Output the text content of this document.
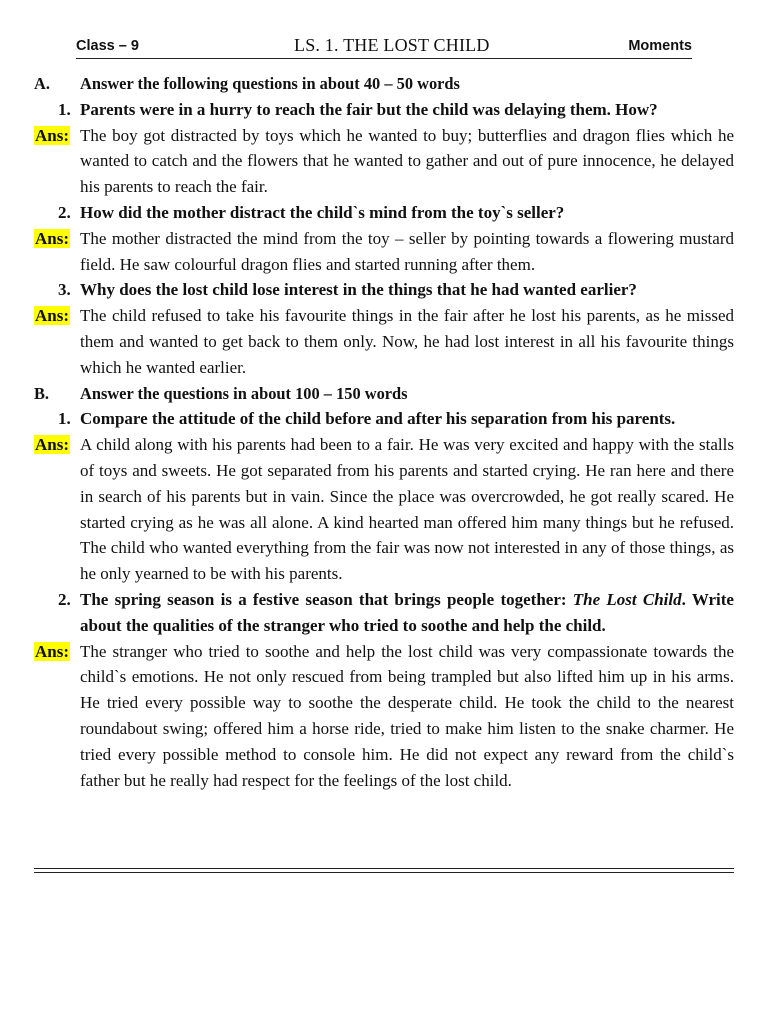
Class – 9	LS. 1. THE LOST CHILD	Moments
A.	Answer the following questions in about 40 – 50 words
1. Parents were in a hurry to reach the fair but the child was delaying them. How?
Ans: The boy got distracted by toys which he wanted to buy; butterflies and dragon flies which he wanted to catch and the flowers that he wanted to gather and out of pure innocence, he delayed his parents to reach the fair.
2. How did the mother distract the child`s mind from the toy`s seller?
Ans: The mother distracted the mind from the toy – seller by pointing towards a flowering mustard field. He saw colourful dragon flies and started running after them.
3. Why does the lost child lose interest in the things that he had wanted earlier?
Ans: The child refused to take his favourite things in the fair after he lost his parents, as he missed them and wanted to get back to them only. Now, he had lost interest in all his favourite things which he wanted earlier.
B.	Answer the questions in about 100 – 150 words
1. Compare the attitude of the child before and after his separation from his parents.
Ans: A child along with his parents had been to a fair. He was very excited and happy with the stalls of toys and sweets. He got separated from his parents and started crying. He ran here and there in search of his parents but in vain. Since the place was overcrowded, he got really scared. He started crying as he was all alone. A kind hearted man offered him many things but he refused. The child who wanted everything from the fair was now not interested in any of those things, as he only yearned to be with his parents.
2. The spring season is a festive season that brings people together: The Lost Child. Write about the qualities of the stranger who tried to soothe and help the child.
Ans: The stranger who tried to soothe and help the lost child was very compassionate towards the child`s emotions. He not only rescued from being trampled but also lifted him up in his arms. He tried every possible way to soothe the desperate child. He took the child to the nearest roundabout swing; offered him a horse ride, tried to make him listen to the snake charmer. He tried every possible method to console him. He did not expect any reward from the child`s father but he really had respect for the feelings of the lost child.
